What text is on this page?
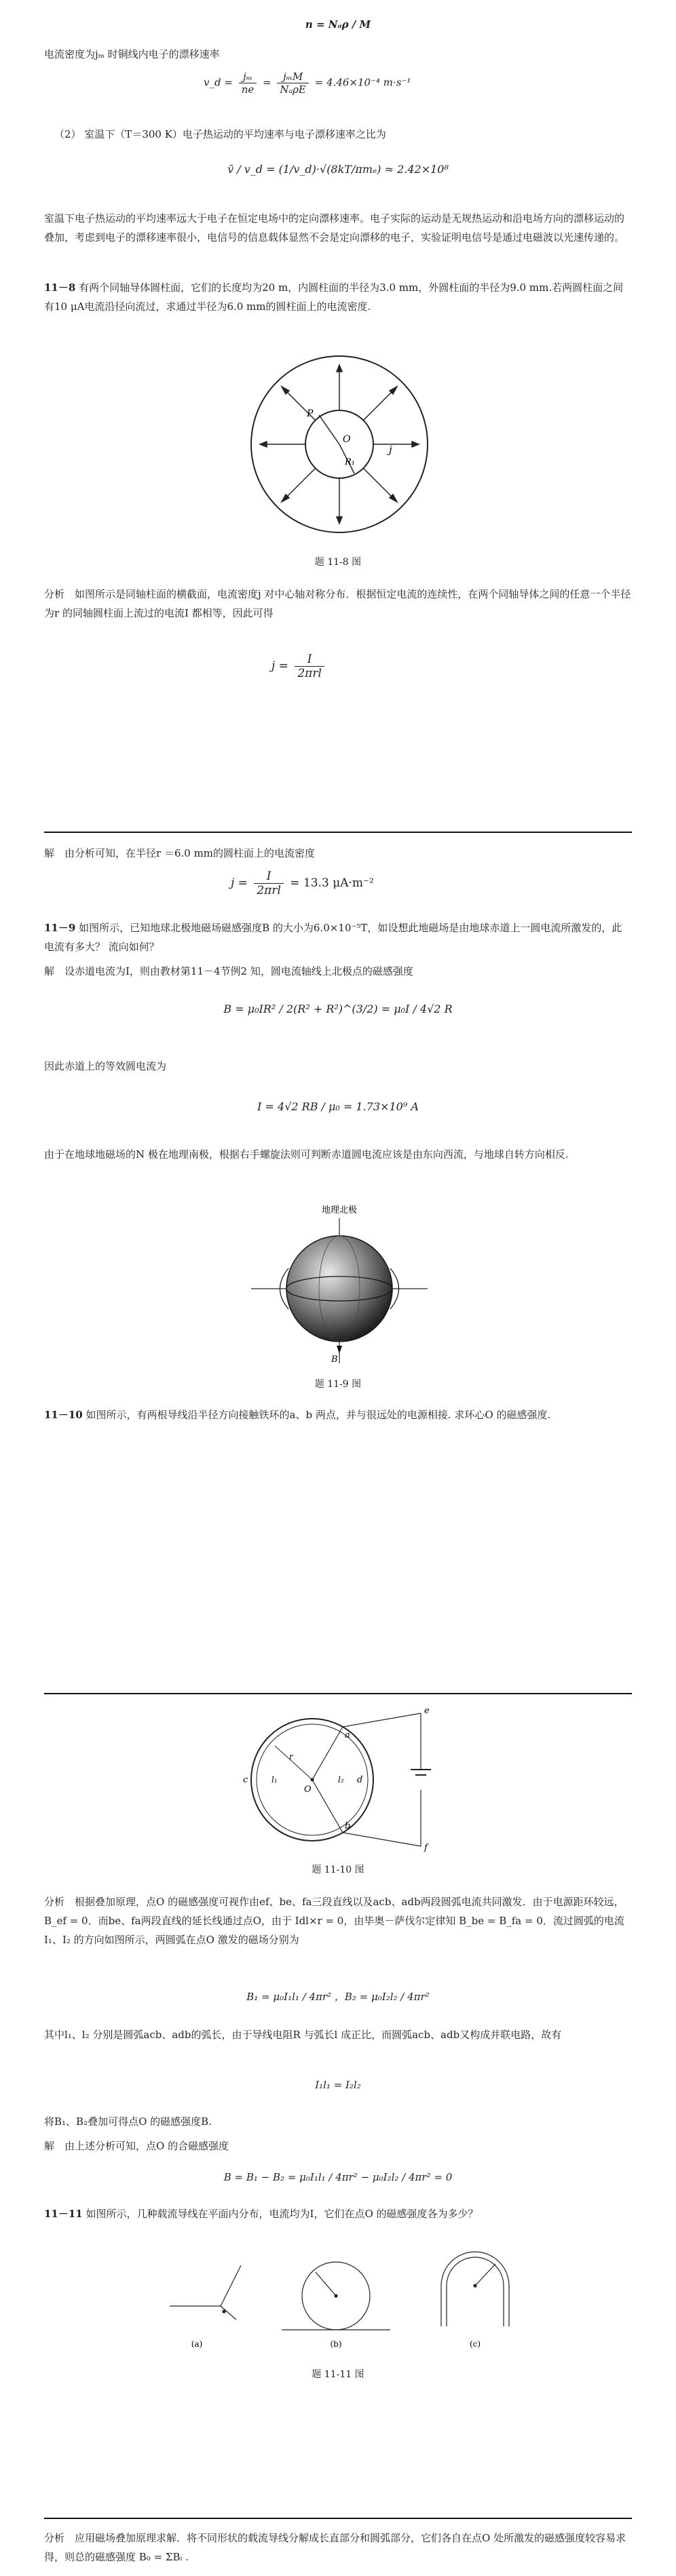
n = Nₐρ / M
电流密度为jₘ 时铜线内电子的漂移速率
v_d = $\frac{\text{jₘ}}{ne} = \frac{\text{jₘM}}{\text{NₐρE}} = 4.46\times 10^{-4}$ m·s⁻¹
（2） 室温下（T＝300 K）电子热运动的平均速率与电子漂移速率之比为
v̄ / v_d = (1/v_d)·√(8kT/πmₑ) ≈ 2.42×10⁸
室温下电子热运动的平均速率远大于电子在恒定电场中的定向漂移速率。电子实际的运动是无规热运动和沿电场方向的漂移运动的叠加，考虑到电子的漂移速率很小，电信号的信息载体显然不会是定向漂移的电子，实验证明电信号是通过电磁波以光速传递的。
11－8 有两个同轴导体圆柱面，它们的长度均为20 m，内圆柱面的半径为3.0 mm，外圆柱面的半径为9.0 mm.若两圆柱面之间有10 μA电流沿径向流过，求通过半径为6.0 mm的圆柱面上的电流密度.
P
O
R₁
j
题 11-8 图
分析　如图所示是同轴柱面的横截面，电流密度j 对中心轴对称分布．根据恒定电流的连续性，在两个同轴导体之间的任意一个半径为r 的同轴圆柱面上流过的电流I 都相等，因此可得
$j = \frac{I}{\text{2πrl}}$
解　由分析可知，在半径r ＝6.0 mm的圆柱面上的电流密度
$j = \frac{I}{\text{2πrl}} = 13.3$ μA·m⁻²
11－9 如图所示，已知地球北极地磁场磁感强度B 的大小为6.0×10⁻⁵T，如设想此地磁场是由地球赤道上一圆电流所激发的，此电流有多大？ 流向如何？
解　设赤道电流为I，则由教材第11－4节例2 知，圆电流轴线上北极点的磁感强度
B = μ₀IR² / 2(R² + R²)^(3/2) = μ₀I / 4√2 R
因此赤道上的等效圆电流为
I = 4√2 RB / μ₀ = 1.73×10⁹ A
由于在地球地磁场的N 极在地理南极，根据右手螺旋法则可判断赤道圆电流应该是由东向西流，与地球自转方向相反.
地理北极
B
题 11-9 图
11－10 如图所示，有两根导线沿半径方向接触铁环的a、b 两点，并与很远处的电源相接. 求环心O 的磁感强度.
e
f
a
b
c	d
O
l₁	l₂
r
题 11-10 图
分析　根据叠加原理，点O 的磁感强度可视作由ef、be、fa三段直线以及acb、adb两段圆弧电流共同激发．由于电源距环较远，B_ef = 0．而be、fa两段直线的延长线通过点O，由于 Idl×r = 0，由毕奥－萨伐尔定律知 B_be = B_fa = 0．流过圆弧的电流I₁、I₂ 的方向如图所示，两圆弧在点O 激发的磁场分别为
B₁ = μ₀I₁l₁ / 4πr² ，B₂ = μ₀I₂l₂ / 4πr²
其中l₁、l₂ 分别是圆弧acb、adb的弧长，由于导线电阻R 与弧长l 成正比，而圆弧acb、adb又构成并联电路，故有
I₁l₁ = I₂l₂
将B₁、B₂叠加可得点O 的磁感强度B.
解　由上述分析可知，点O 的合磁感强度
B = B₁ − B₂ = μ₀I₁l₁ / 4πr² − μ₀I₂l₂ / 4πr² = 0
11－11 如图所示，几种载流导线在平面内分布，电流均为I，它们在点O 的磁感强度各为多少？
(a)	(b)	(c)
题 11-11 图
分析　应用磁场叠加原理求解．将不同形状的载流导线分解成长直部分和圆弧部分，它们各自在点O 处所激发的磁感强度较容易求得，则总的磁感强度 B₀ = ΣBᵢ .
